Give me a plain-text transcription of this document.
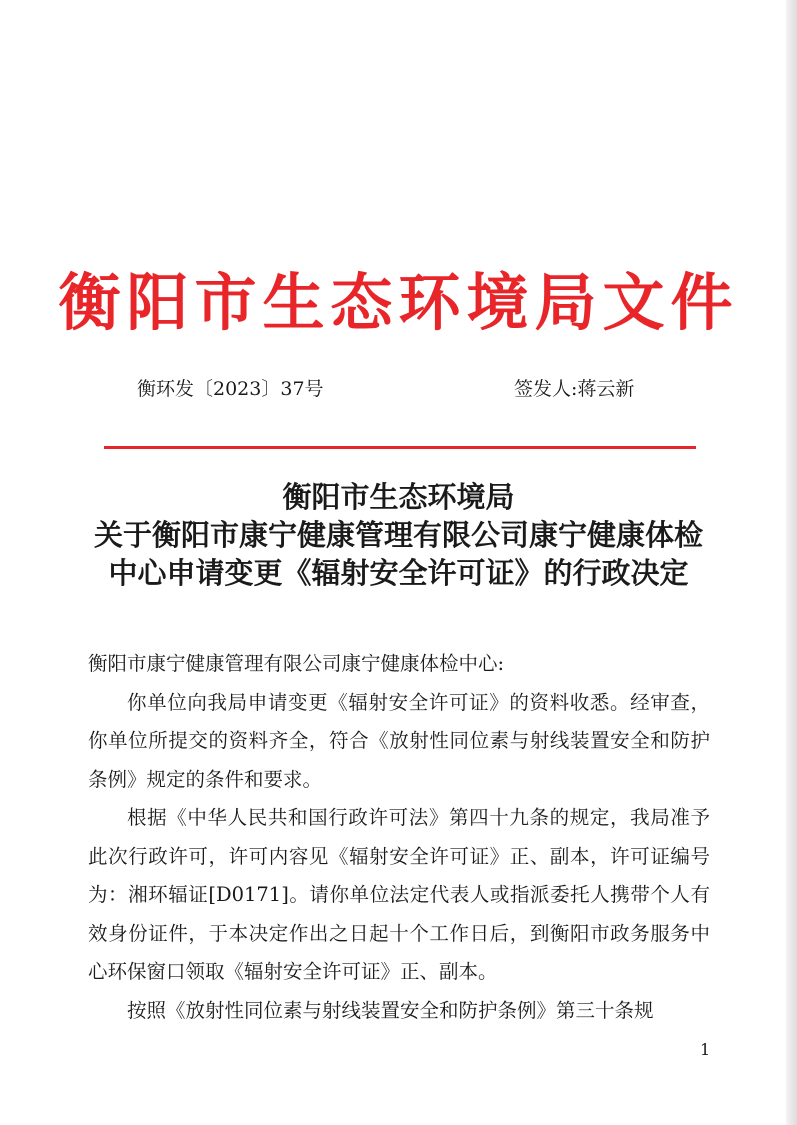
衡阳市生态环境局文件
衡环发〔2023〕37号	签发人:蒋云新
衡阳市生态环境局
关于衡阳市康宁健康管理有限公司康宁健康体检
中心申请变更《辐射安全许可证》的行政决定

衡阳市康宁健康管理有限公司康宁健康体检中心:

你单位向我局申请变更《辐射安全许可证》的资料收悉。经审查，你单位所提交的资料齐全，符合《放射性同位素与射线装置安全和防护条例》规定的条件和要求。

根据《中华人民共和国行政许可法》第四十九条的规定，我局准予此次行政许可，许可内容见《辐射安全许可证》正、副本，许可证编号为：湘环辐证[D0171]。请你单位法定代表人或指派委托人携带个人有效身份证件，于本决定作出之日起十个工作日后，到衡阳市政务服务中心环保窗口领取《辐射安全许可证》正、副本。

按照《放射性同位素与射线装置安全和防护条例》第三十条规

1
